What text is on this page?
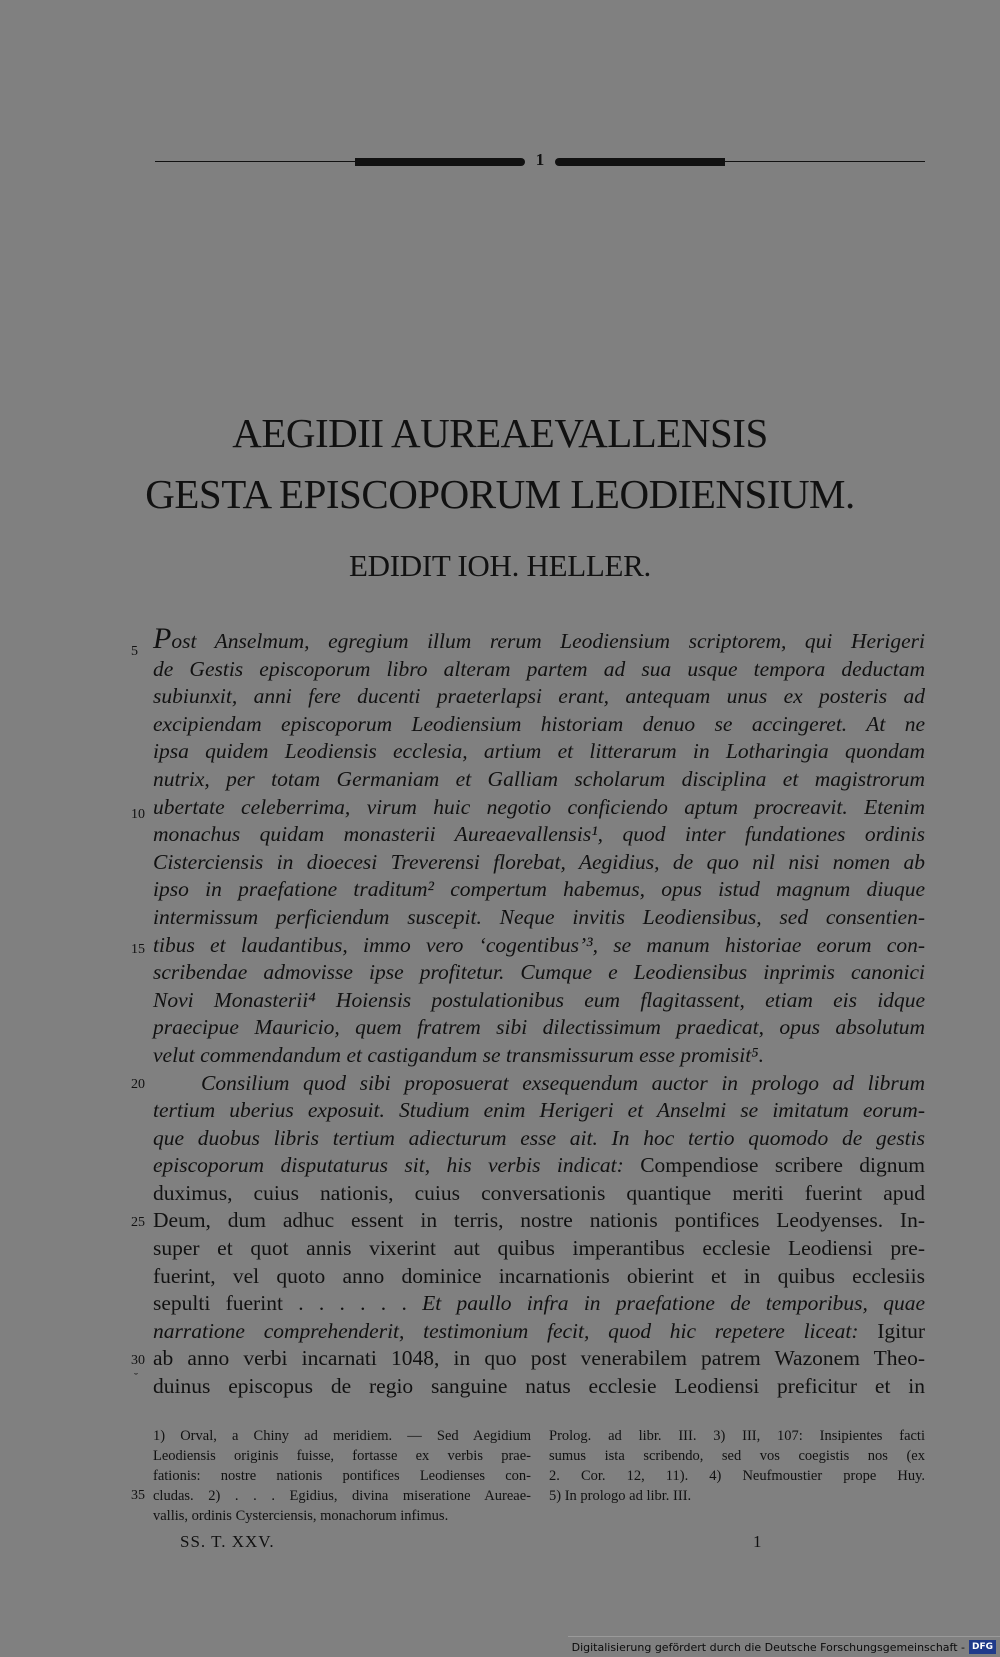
1
AEGIDII AUREAEVALLENSIS
GESTA EPISCOPORUM LEODIENSIUM.
EDIDIT IOH. HELLER.
5
10
15
20
25
30
35
˘
Post Anselmum, egregium illum rerum Leodiensium scriptorem, qui Herigeri
de Gestis episcoporum libro alteram partem ad sua usque tempora deductam
subiunxit, anni fere ducenti praeterlapsi erant, antequam unus ex posteris ad
excipiendam episcoporum Leodiensium historiam denuo se accingeret. At ne
ipsa quidem Leodiensis ecclesia, artium et litterarum in Lotharingia quondam
nutrix, per totam Germaniam et Galliam scholarum disciplina et magistrorum
ubertate celeberrima, virum huic negotio conficiendo aptum procreavit. Etenim
monachus quidam monasterii Aureaevallensis¹, quod inter fundationes ordinis
Cisterciensis in dioecesi Treverensi florebat, Aegidius, de quo nil nisi nomen ab
ipso in praefatione traditum² compertum habemus, opus istud magnum diuque
intermissum perficiendum suscepit. Neque invitis Leodiensibus, sed consentien-
tibus et laudantibus, immo vero ‘cogentibus’³, se manum historiae eorum con-
scribendae admovisse ipse profitetur. Cumque e Leodiensibus inprimis canonici
Novi Monasterii⁴ Hoiensis postulationibus eum flagitassent, etiam eis idque
praecipue Mauricio, quem fratrem sibi dilectissimum praedicat, opus absolutum
velut commendandum et castigandum se transmissurum esse promisit⁵.
Consilium quod sibi proposuerat exsequendum auctor in prologo ad librum
tertium uberius exposuit. Studium enim Herigeri et Anselmi se imitatum eorum-
que duobus libris tertium adiecturum esse ait. In hoc tertio quomodo de gestis
episcoporum disputaturus sit, his verbis indicat: Compendiose scribere dignum
duximus, cuius nationis, cuius conversationis quantique meriti fuerint apud
Deum, dum adhuc essent in terris, nostre nationis pontifices Leodyenses. In-
super et quot annis vixerint aut quibus imperantibus ecclesie Leodiensi pre-
fuerint, vel quoto anno dominice incarnationis obierint et in quibus ecclesiis
sepulti fuerint . . . . . . Et paullo infra in praefatione de temporibus, quae
narratione comprehenderit, testimonium fecit, quod hic repetere liceat: Igitur
ab anno verbi incarnati 1048, in quo post venerabilem patrem Wazonem Theo-
duinus episcopus de regio sanguine natus ecclesie Leodiensi preficitur et in
1) Orval, a Chiny ad meridiem. — Sed Aegidium
Leodiensis originis fuisse, fortasse ex verbis prae-
fationis: nostre nationis pontifices Leodienses con-
cludas. 2) . . . Egidius, divina miseratione Aureae-
vallis, ordinis Cysterciensis, monachorum infimus.
Prolog. ad libr. III. 3) III, 107: Insipientes facti
sumus ista scribendo, sed vos coegistis nos (ex
2. Cor. 12, 11). 4) Neufmoustier prope Huy.
5) In prologo ad libr. III.
SS. T. XXV.	1
Digitalisierung gefördert durch die Deutsche Forschungsgemeinschaft - DFG
